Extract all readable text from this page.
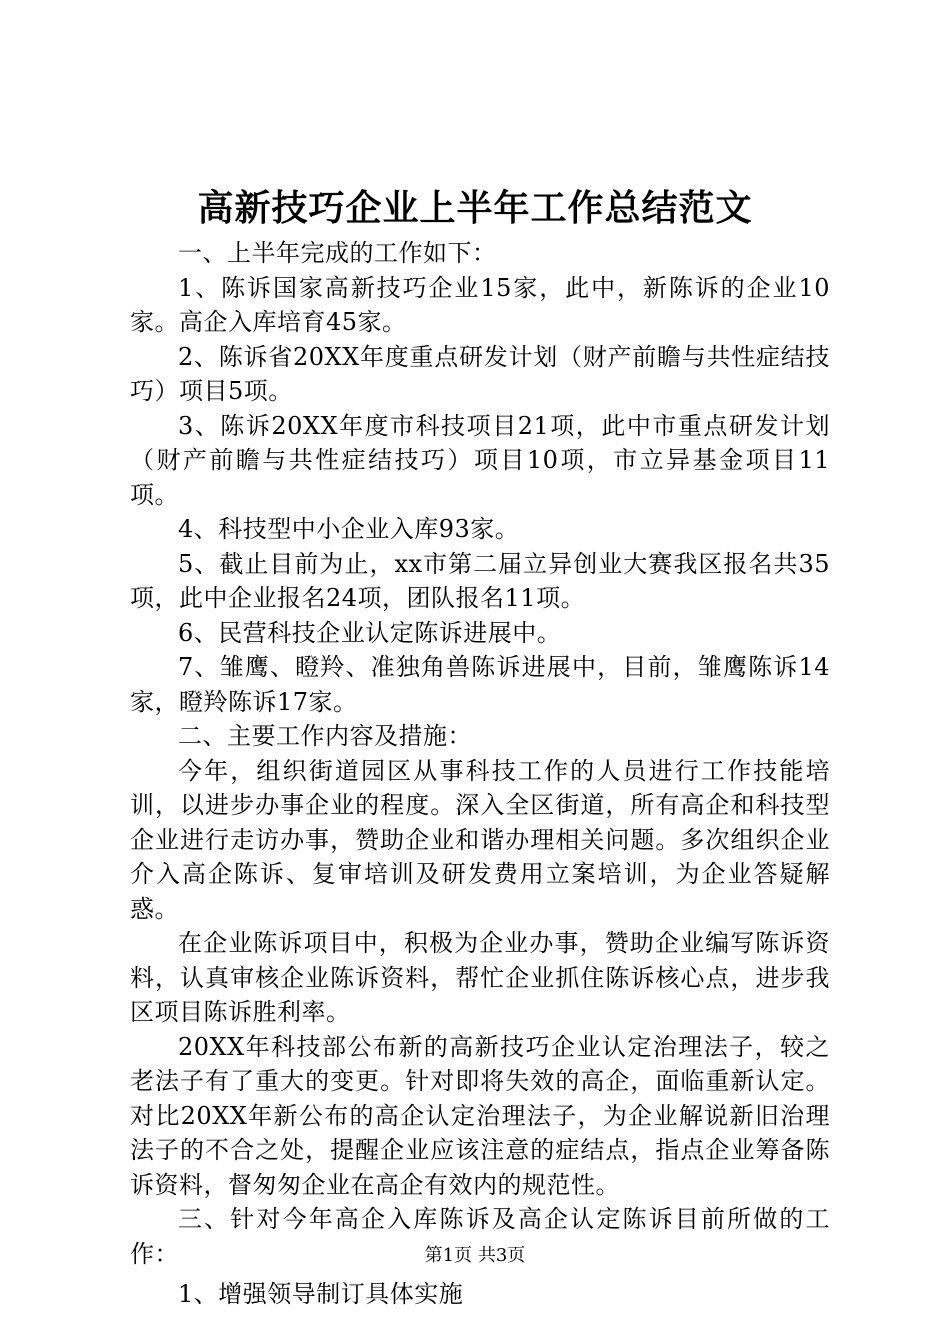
高新技巧企业上半年工作总结范文

一、上半年完成的工作如下：

1、陈诉国家高新技巧企业15家，此中，新陈诉的企业10家。高企入库培育45家。

2、陈诉省20XX年度重点研发计划（财产前瞻与共性症结技巧）项目5项。

3、陈诉20XX年度市科技项目21项，此中市重点研发计划（财产前瞻与共性症结技巧）项目10项，市立异基金项目11项。

4、科技型中小企业入库93家。

5、截止目前为止，xx市第二届立异创业大赛我区报名共35项，此中企业报名24项，团队报名11项。

6、民营科技企业认定陈诉进展中。

7、雏鹰、瞪羚、准独角兽陈诉进展中，目前，雏鹰陈诉14家，瞪羚陈诉17家。

二、主要工作内容及措施：

今年，组织街道园区从事科技工作的人员进行工作技能培训，以进步办事企业的程度。深入全区街道，所有高企和科技型企业进行走访办事，赞助企业和谐办理相关问题。多次组织企业介入高企陈诉、复审培训及研发费用立案培训，为企业答疑解惑。

在企业陈诉项目中，积极为企业办事，赞助企业编写陈诉资料，认真审核企业陈诉资料，帮忙企业抓住陈诉核心点，进步我区项目陈诉胜利率。

20XX年科技部公布新的高新技巧企业认定治理法子，较之老法子有了重大的变更。针对即将失效的高企，面临重新认定。对比20XX年新公布的高企认定治理法子，为企业解说新旧治理法子的不合之处，提醒企业应该注意的症结点，指点企业筹备陈诉资料，督匆匆企业在高企有效内的规范性。

三、针对今年高企入库陈诉及高企认定陈诉目前所做的工作：

1、增强领导制订具体实施

第1页 共3页
